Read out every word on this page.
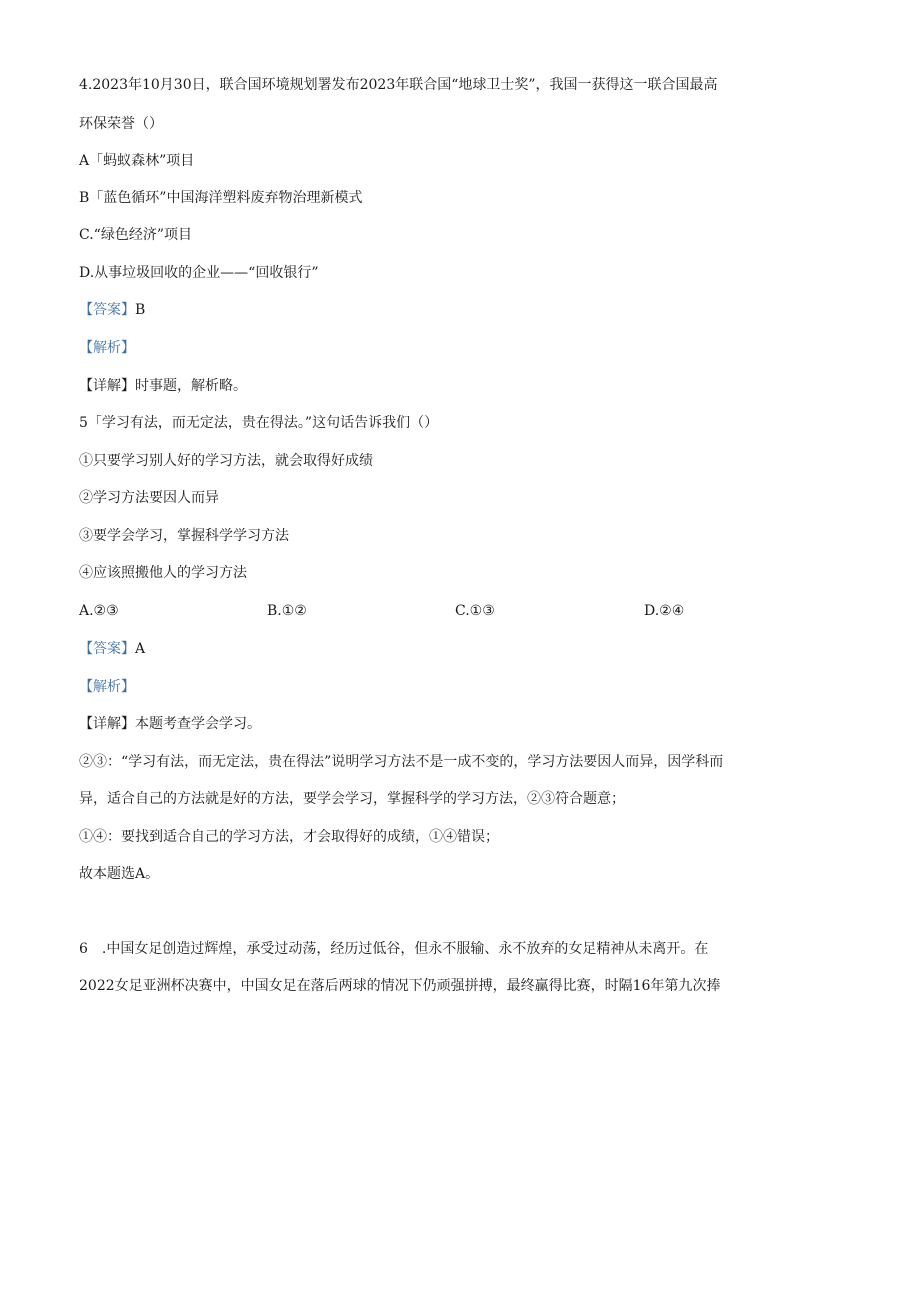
4.2023年10月30日，联合国环境规划署发布2023年联合国“地球卫士奖”，我国一获得这一联合国最高
环保荣誉（）
A「蚂蚁森林”项目
B「蓝色循环”中国海洋塑料废弃物治理新模式
C.“绿色经济”项目
D.从事垃圾回收的企业——“回收银行”
【答案】B
【解析】
【详解】时事题，解析略。
5「学习有法，而无定法，贵在得法。”这句话告诉我们（）
①只要学习别人好的学习方法，就会取得好成绩
②学习方法要因人而异
③要学会学习，掌握科学学习方法
④应该照搬他人的学习方法
A.②③	B.①②	C.①③	D.②④
【答案】A
【解析】
【详解】本题考查学会学习。
②③：“学习有法，而无定法，贵在得法”说明学习方法不是一成不变的，学习方法要因人而异，因学科而
异，适合自己的方法就是好的方法，要学会学习，掌握科学的学习方法，②③符合题意；
①④：要找到适合自己的学习方法，才会取得好的成绩，①④错误；
故本题选A。
6　.中国女足创造过辉煌，承受过动荡，经历过低谷，但永不服输、永不放弃的女足精神从未离开。在
2022女足亚洲杯决赛中，中国女足在落后两球的情况下仍顽强拼搏，最终赢得比赛，时隔16年第九次捧
